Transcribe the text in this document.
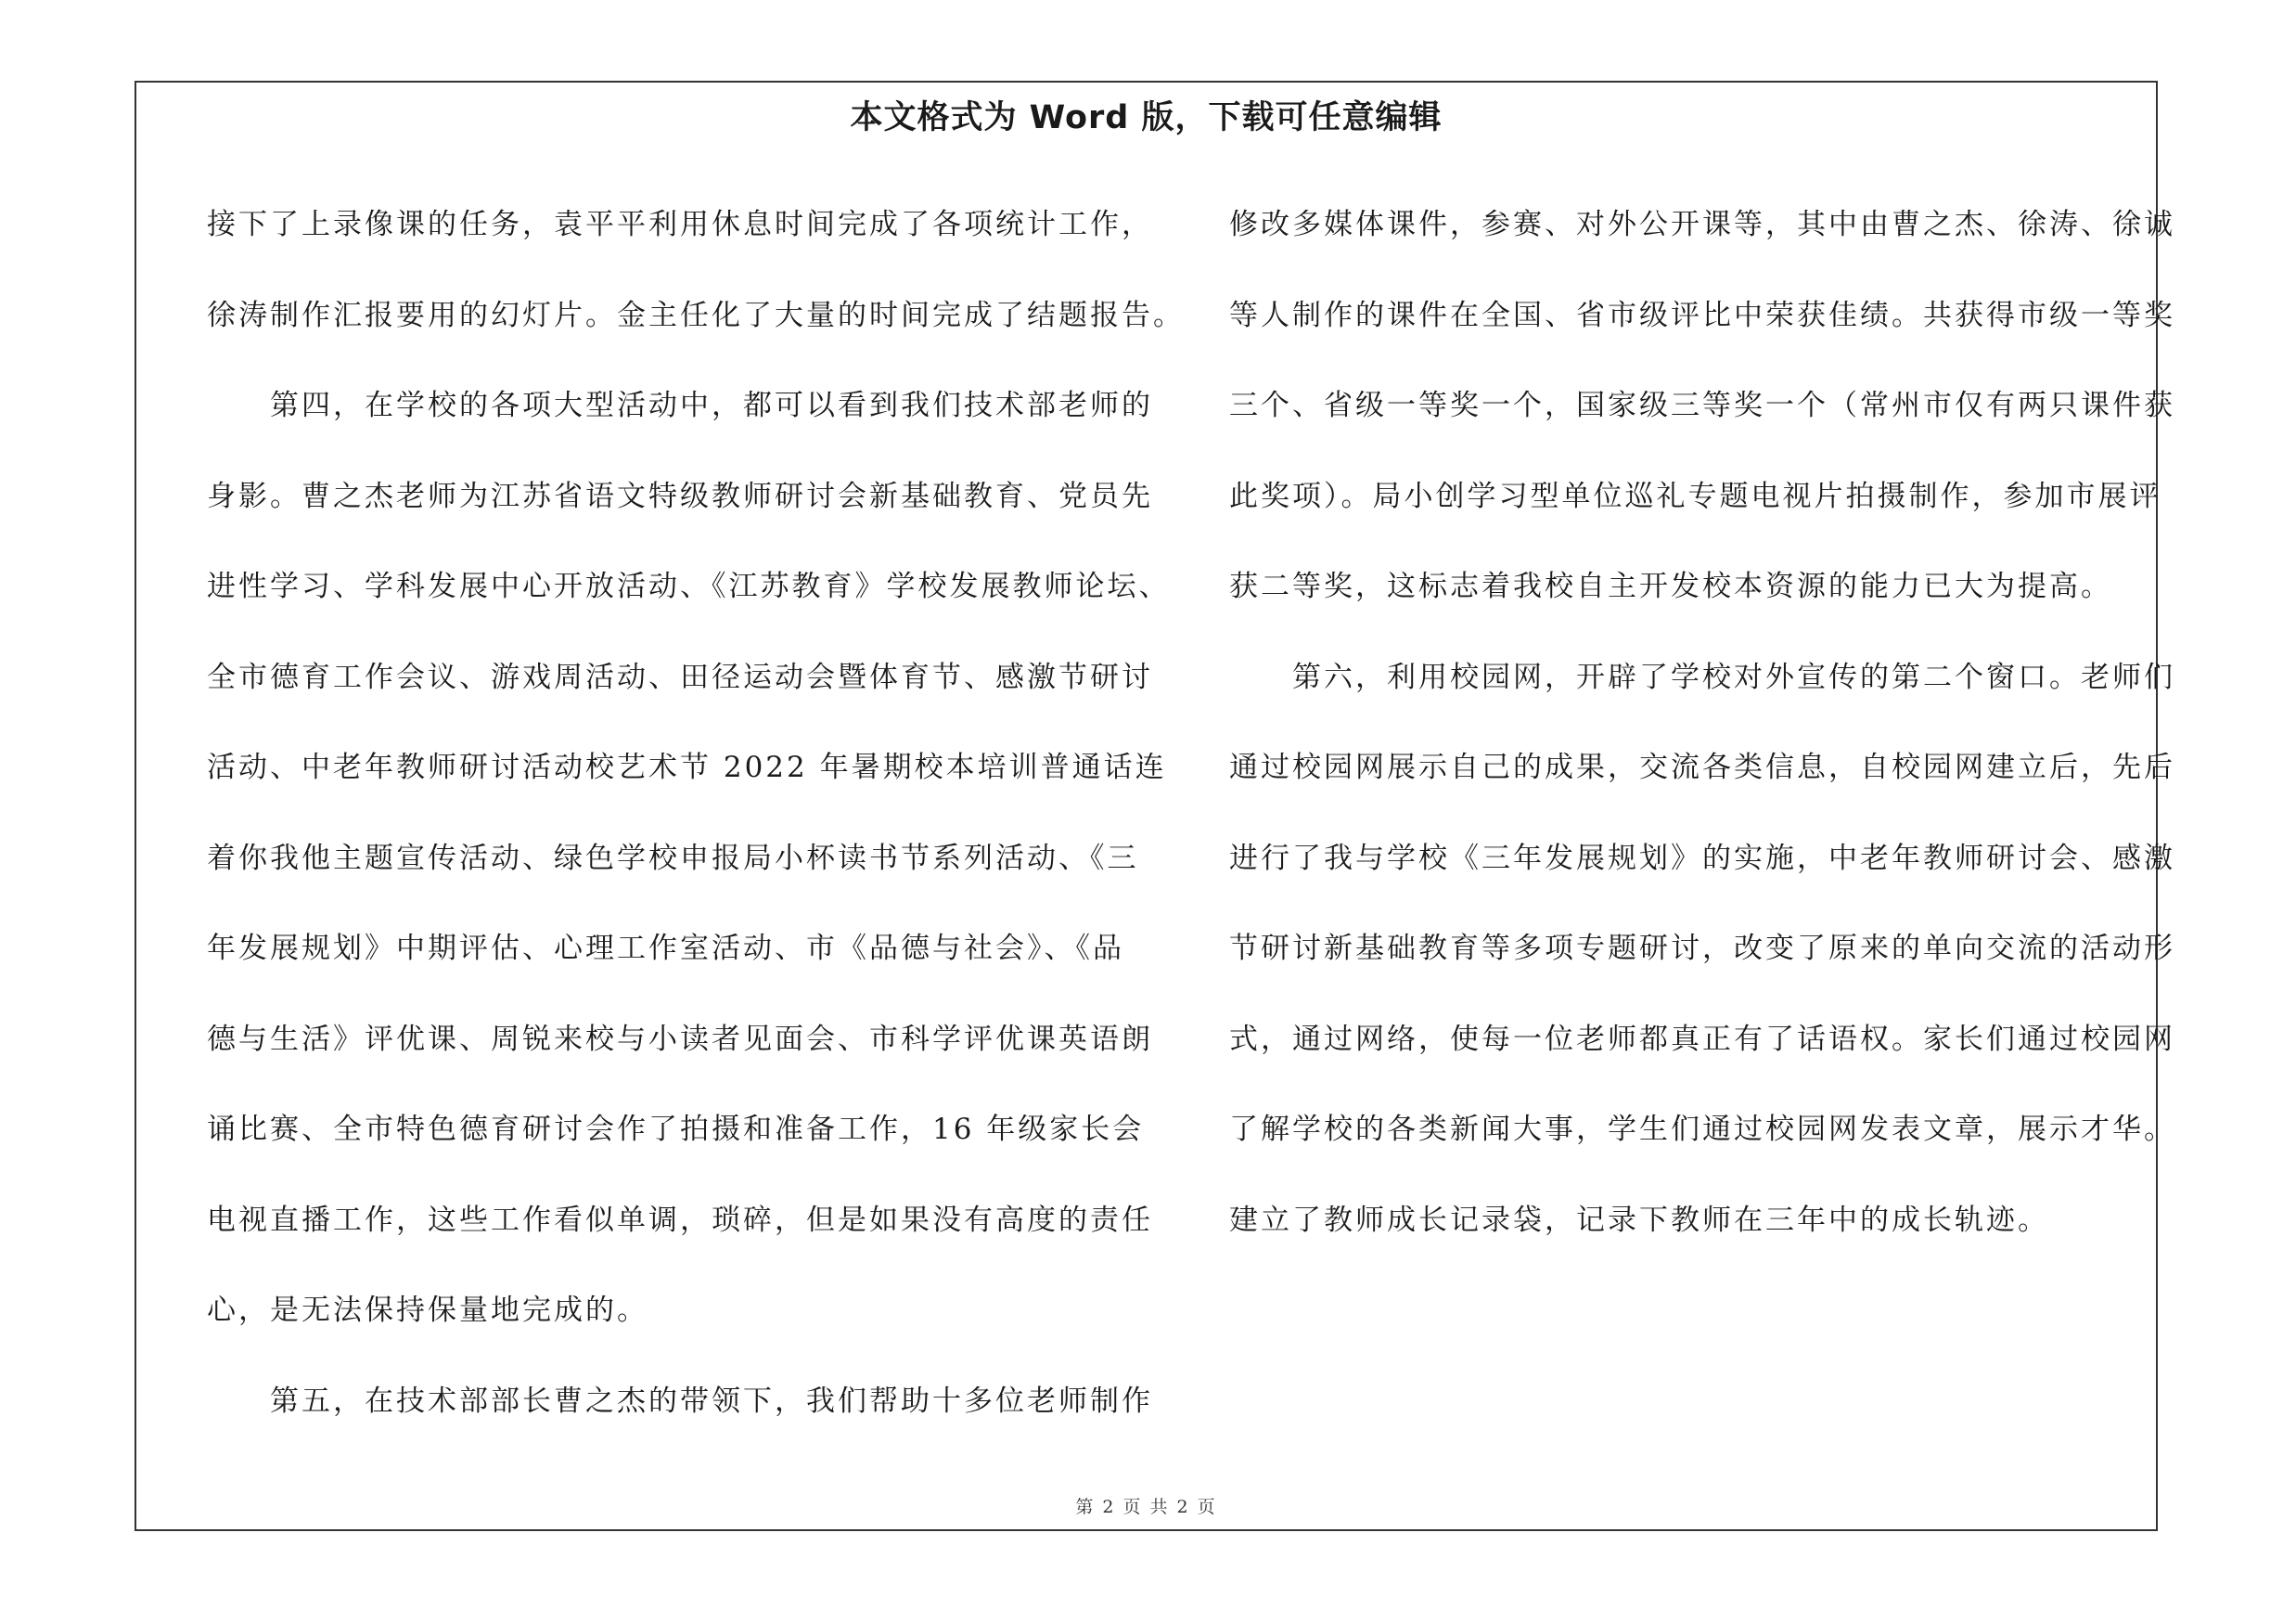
本文格式为 Word 版，下载可任意编辑
接下了上录像课的任务，袁平平利用休息时间完成了各项统计工作，
徐涛制作汇报要用的幻灯片。金主任化了大量的时间完成了结题报告。
　　第四，在学校的各项大型活动中，都可以看到我们技术部老师的
身影。曹之杰老师为江苏省语文特级教师研讨会新基础教育、党员先
进性学习、学科发展中心开放活动、《江苏教育》学校发展教师论坛、
全市德育工作会议、游戏周活动、田径运动会暨体育节、感激节研讨
活动、中老年教师研讨活动校艺术节 2022 年暑期校本培训普通话连
着你我他主题宣传活动、绿色学校申报局小杯读书节系列活动、《三
年发展规划》中期评估、心理工作室活动、市《品德与社会》、《品
德与生活》评优课、周锐来校与小读者见面会、市科学评优课英语朗
诵比赛、全市特色德育研讨会作了拍摄和准备工作，16 年级家长会
电视直播工作，这些工作看似单调，琐碎，但是如果没有高度的责任
心，是无法保持保量地完成的。
　　第五，在技术部部长曹之杰的带领下，我们帮助十多位老师制作
修改多媒体课件，参赛、对外公开课等，其中由曹之杰、徐涛、徐诚
等人制作的课件在全国、省市级评比中荣获佳绩。共获得市级一等奖
三个、省级一等奖一个，国家级三等奖一个（常州市仅有两只课件获
此奖项）。局小创学习型单位巡礼专题电视片拍摄制作，参加市展评
获二等奖，这标志着我校自主开发校本资源的能力已大为提高。
　　第六，利用校园网，开辟了学校对外宣传的第二个窗口。老师们
通过校园网展示自己的成果，交流各类信息，自校园网建立后，先后
进行了我与学校《三年发展规划》的实施，中老年教师研讨会、感激
节研讨新基础教育等多项专题研讨，改变了原来的单向交流的活动形
式，通过网络，使每一位老师都真正有了话语权。家长们通过校园网
了解学校的各类新闻大事，学生们通过校园网发表文章，展示才华。
建立了教师成长记录袋，记录下教师在三年中的成长轨迹。
第 2 页 共 2 页
